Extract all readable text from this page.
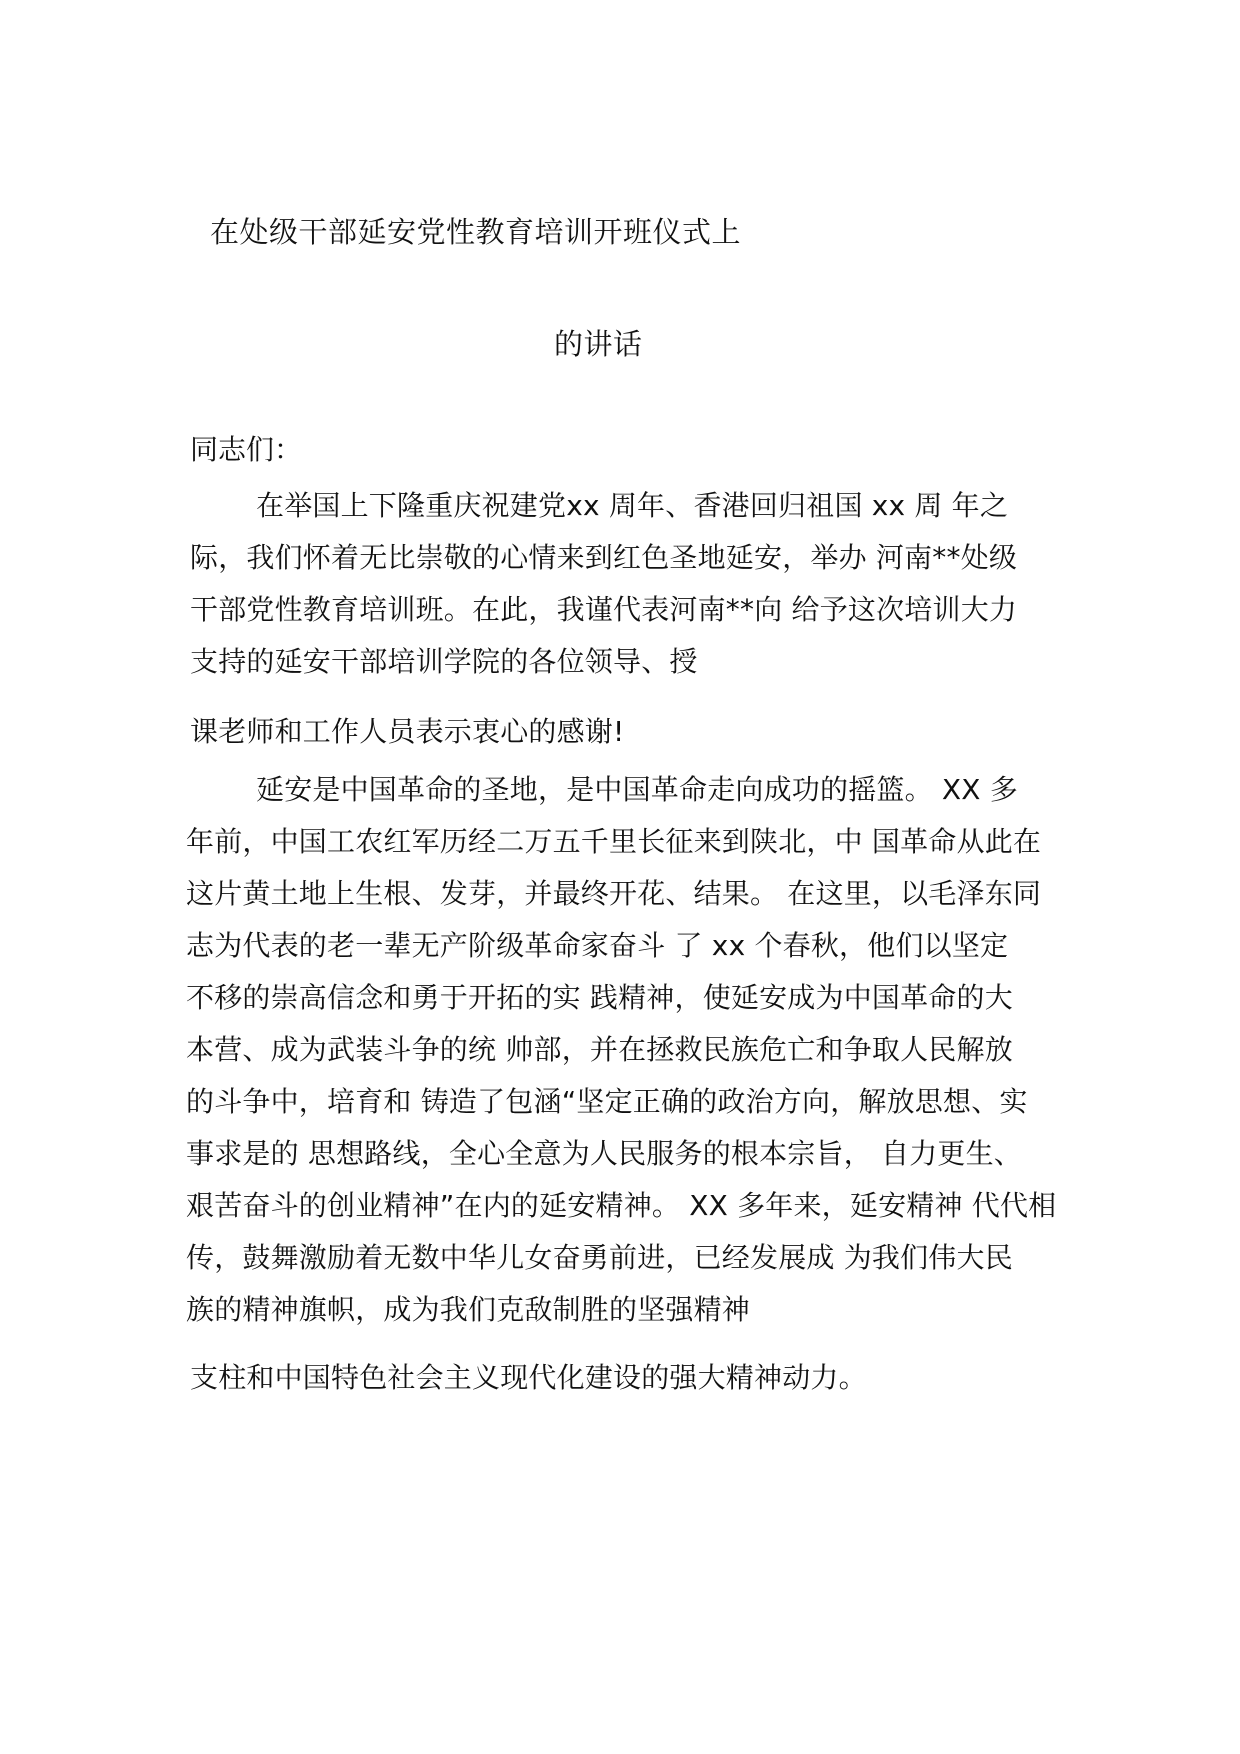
在处级干部延安党性教育培训开班仪式上
的讲话
同志们：
在举国上下隆重庆祝建党xx 周年、香港回归祖国 xx 周 年之
际，我们怀着无比崇敬的心情来到红色圣地延安，举办 河南**处级
干部党性教育培训班。在此，我谨代表河南**向 给予这次培训大力
支持的延安干部培训学院的各位领导、授
课老师和工作人员表示衷心的感谢!
延安是中国革命的圣地，是中国革命走向成功的摇篮。 XX 多
年前，中国工农红军历经二万五千里长征来到陕北，中 国革命从此在
这片黄土地上生根、发芽，并最终开花、结果。 在这里，以毛泽东同
志为代表的老一辈无产阶级革命家奋斗 了 xx 个春秋，他们以坚定
不移的崇高信念和勇于开拓的实 践精神，使延安成为中国革命的大
本营、成为武装斗争的统 帅部，并在拯救民族危亡和争取人民解放
的斗争中，培育和 铸造了包涵“坚定正确的政治方向，解放思想、实
事求是的 思想路线，全心全意为人民服务的根本宗旨， 自力更生、
艰苦奋斗的创业精神”在内的延安精神。 XX 多年来，延安精神 代代相
传，鼓舞激励着无数中华儿女奋勇前进，已经发展成 为我们伟大民
族的精神旗帜，成为我们克敌制胜的坚强精神
支柱和中国特色社会主义现代化建设的强大精神动力。
